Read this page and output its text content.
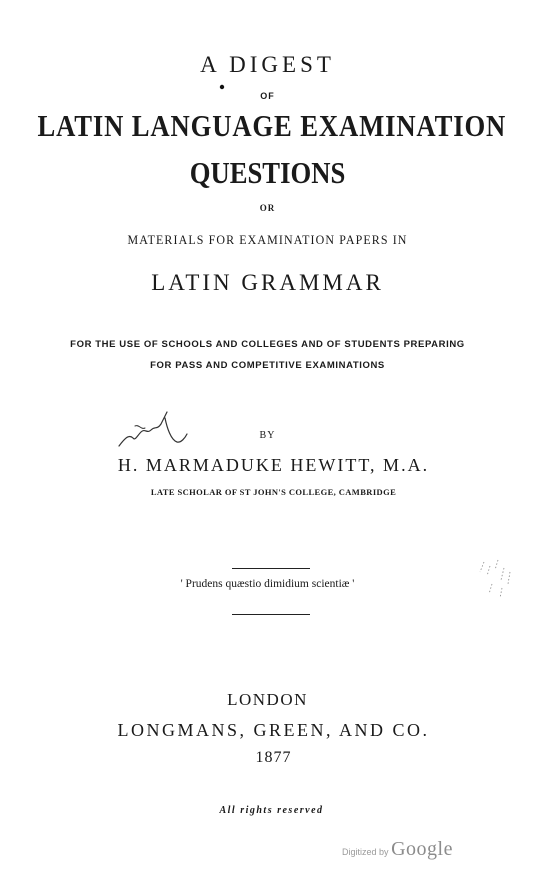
A DIGEST
OF
LATIN LANGUAGE EXAMINATION
QUESTIONS
OR
MATERIALS FOR EXAMINATION PAPERS IN
LATIN GRAMMAR
FOR THE USE OF SCHOOLS AND COLLEGES AND OF STUDENTS PREPARING
FOR PASS AND COMPETITIVE EXAMINATIONS
BY
H. MARMADUKE HEWITT, M.A.
LATE SCHOLAR OF ST JOHN'S COLLEGE, CAMBRIDGE
' Prudens quæstio dimidium scientiæ '
LONDON
LONGMANS, GREEN, AND CO.
1877
All rights reserved
Digitized by Google
